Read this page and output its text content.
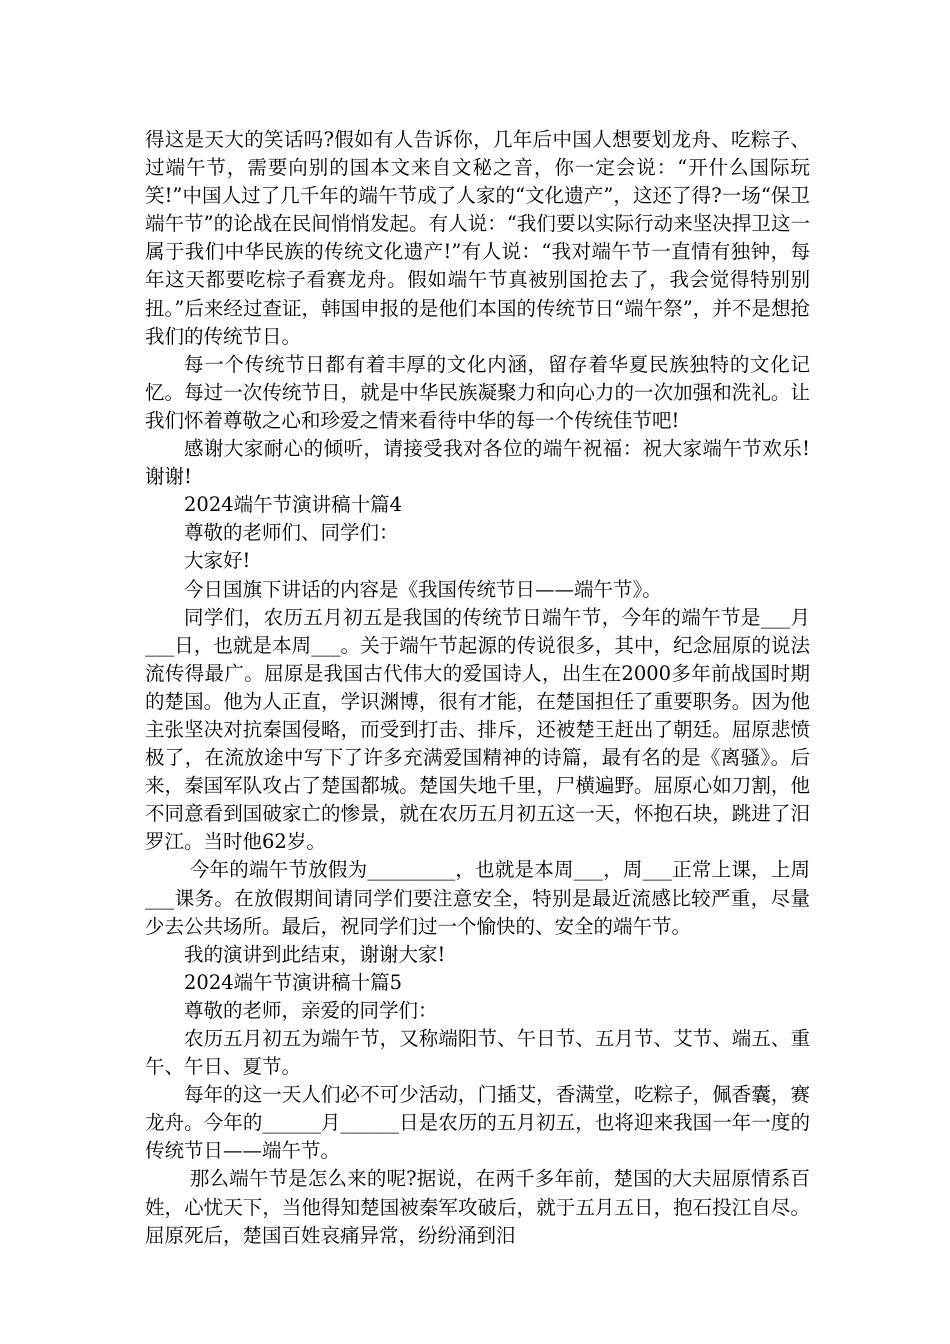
得这是天大的笑话吗?假如有人告诉你，几年后中国人想要划龙舟、吃粽子、过端午节，需要向别的国本文来自文秘之音，你一定会说：“开什么国际玩笑!”中国人过了几千年的端午节成了人家的“文化遗产”，这还了得?一场“保卫端午节”的论战在民间悄悄发起。有人说：“我们要以实际行动来坚决捍卫这一属于我们中华民族的传统文化遗产!”有人说：“我对端午节一直情有独钟，每年这天都要吃棕子看赛龙舟。假如端午节真被别国抢去了，我会觉得特别别扭。”后来经过查证，韩国申报的是他们本国的传统节日“端午祭”，并不是想抢我们的传统节日。

每一个传统节日都有着丰厚的文化内涵，留存着华夏民族独特的文化记忆。每过一次传统节日，就是中华民族凝聚力和向心力的一次加强和洗礼。让我们怀着尊敬之心和珍爱之情来看待中华的每一个传统佳节吧!

感谢大家耐心的倾听，请接受我对各位的端午祝福：祝大家端午节欢乐!谢谢!

2024端午节演讲稿十篇4

尊敬的老师们、同学们：

大家好!

今日国旗下讲话的内容是《我国传统节日——端午节》。

同学们，农历五月初五是我国的传统节日端午节，今年的端午节是___月___日，也就是本周___。关于端午节起源的传说很多，其中，纪念屈原的说法流传得最广。屈原是我国古代伟大的爱国诗人，出生在2000多年前战国时期的楚国。他为人正直，学识渊博，很有才能，在楚国担任了重要职务。因为他主张坚决对抗秦国侵略，而受到打击、排斥，还被楚王赶出了朝廷。屈原悲愤极了，在流放途中写下了许多充满爱国精神的诗篇，最有名的是《离骚》。后来，秦国军队攻占了楚国都城。楚国失地千里，尸横遍野。屈原心如刀割，他不同意看到国破家亡的惨景，就在农历五月初五这一天，怀抱石块，跳进了汨罗江。当时他62岁。

今年的端午节放假为_________，也就是本周___，周___正常上课，上周___课务。在放假期间请同学们要注意安全，特别是最近流感比较严重，尽量少去公共场所。最后，祝同学们过一个愉快的、安全的端午节。

我的演讲到此结束，谢谢大家!

2024端午节演讲稿十篇5

尊敬的老师，亲爱的同学们：

农历五月初五为端午节，又称端阳节、午日节、五月节、艾节、端五、重午、午日、夏节。

每年的这一天人们必不可少活动，门插艾，香满堂，吃粽子，佩香囊，赛龙舟。今年的______月______日是农历的五月初五，也将迎来我国一年一度的传统节日——端午节。

那么端午节是怎么来的呢?据说，在两千多年前，楚国的大夫屈原情系百姓，心忧天下，当他得知楚国被秦军攻破后，就于五月五日，抱石投江自尽。屈原死后，楚国百姓哀痛异常，纷纷涌到汨
